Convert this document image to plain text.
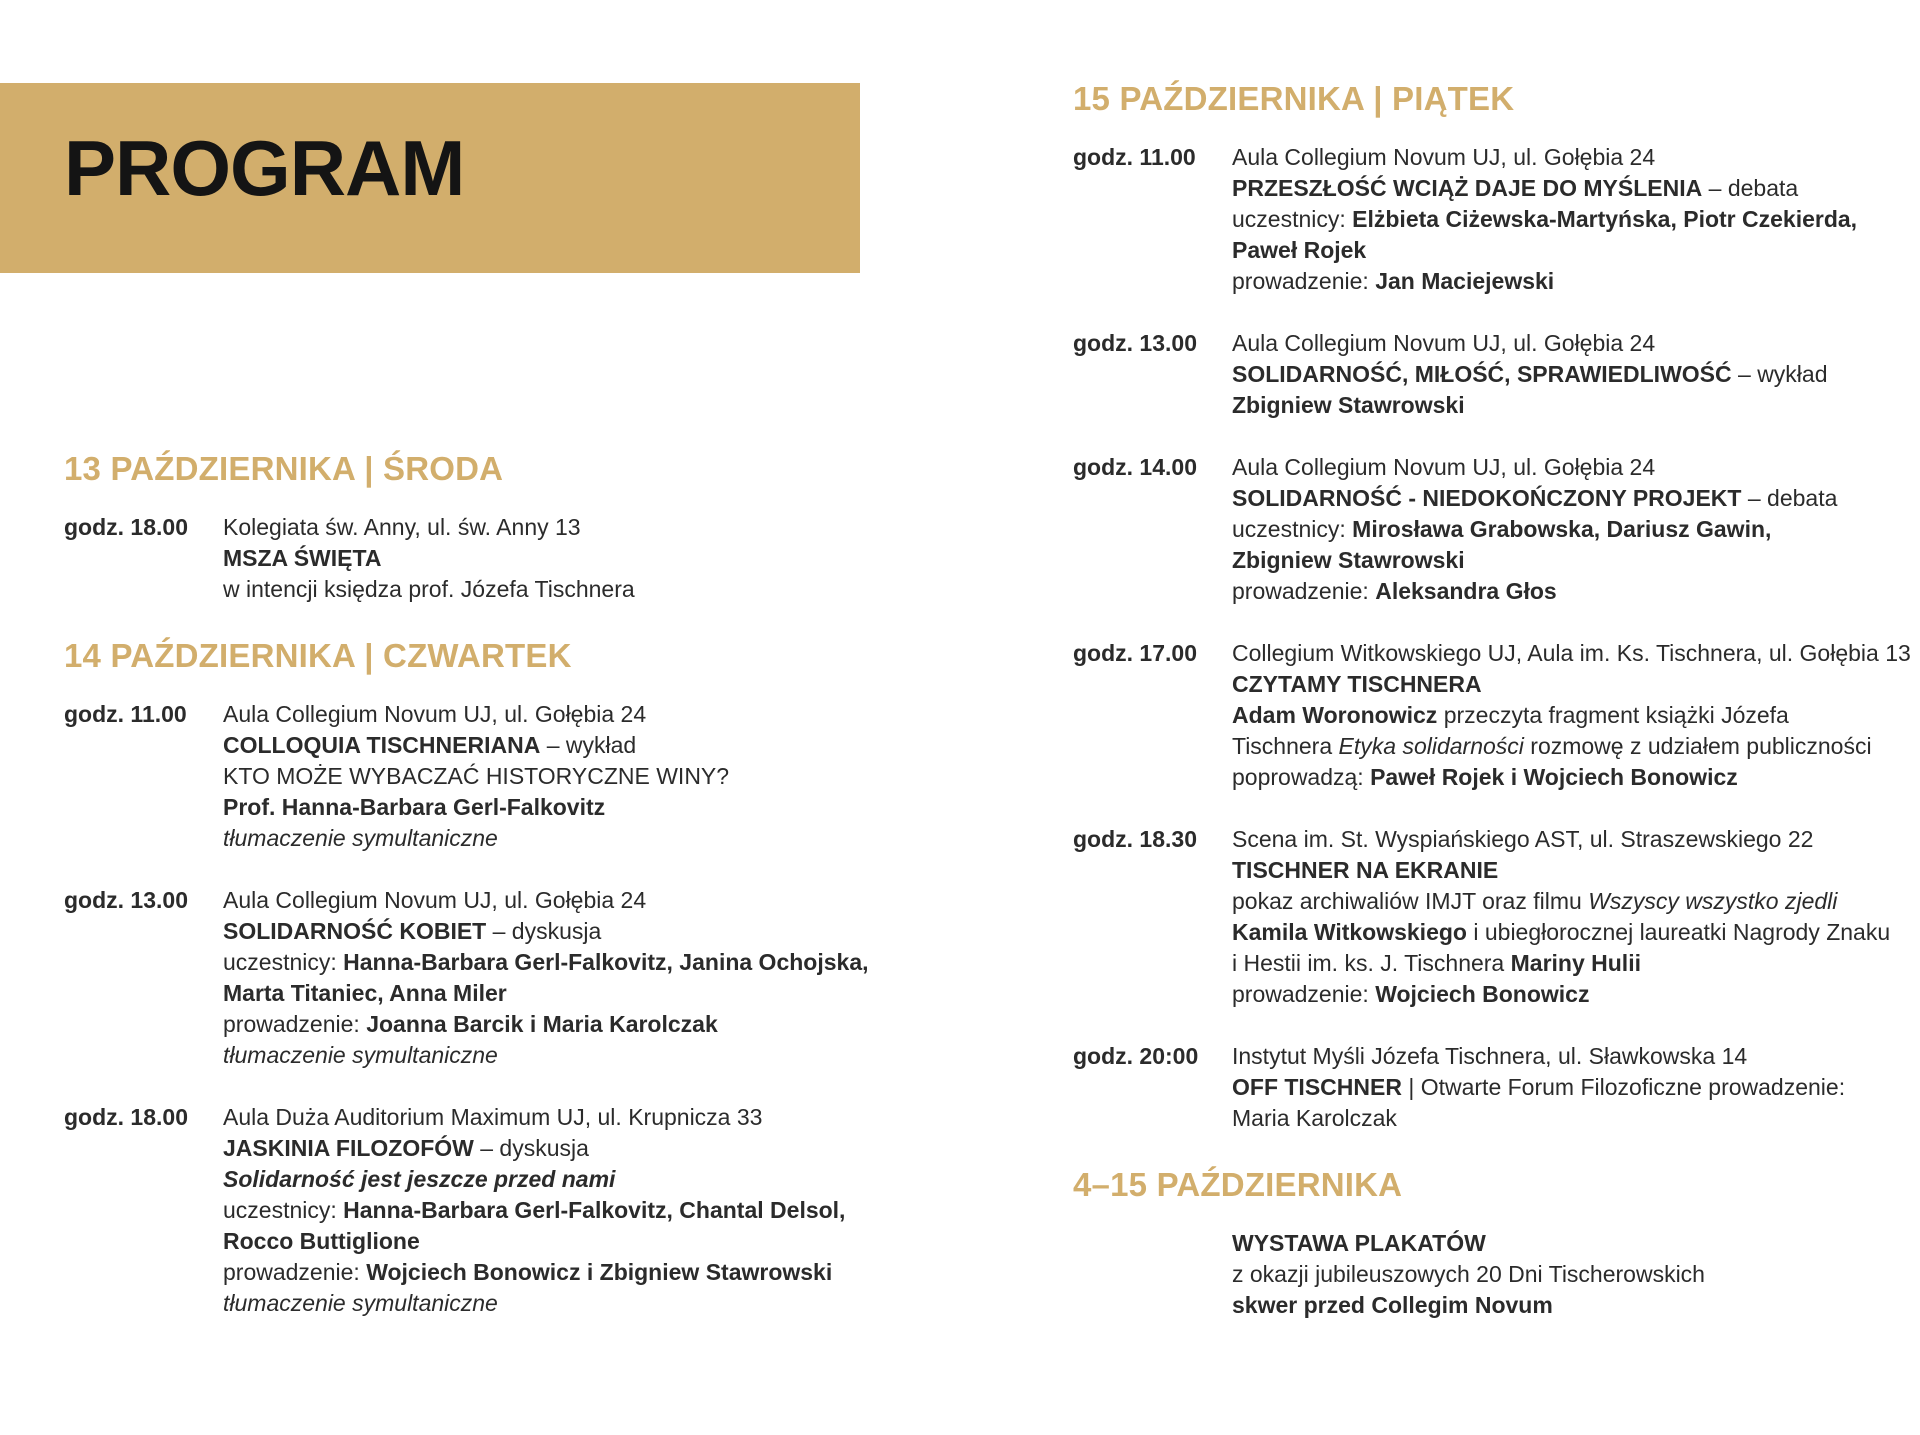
PROGRAM
13 PAŹDZIERNIKA | ŚRODA
godz. 18.00	Kolegiata św. Anny, ul. św. Anny 13
MSZA ŚWIĘTA
w intencji księdza prof. Józefa Tischnera
14 PAŹDZIERNIKA | CZWARTEK
godz. 11.00	Aula Collegium Novum UJ, ul. Gołębia 24
COLLOQUIA TISCHNERIANA – wykład
KTO MOŻE WYBACZAĆ HISTORYCZNE WINY?
Prof. Hanna-Barbara Gerl-Falkovitz
tłumaczenie symultaniczne
godz. 13.00	Aula Collegium Novum UJ, ul. Gołębia 24
SOLIDARNOŚĆ KOBIET – dyskusja
uczestnicy: Hanna-Barbara Gerl-Falkovitz, Janina Ochojska,
Marta Titaniec, Anna Miler
prowadzenie: Joanna Barcik i Maria Karolczak
tłumaczenie symultaniczne
godz. 18.00	Aula Duża Auditorium Maximum UJ, ul. Krupnicza 33
JASKINIA FILOZOFÓW – dyskusja
Solidarność jest jeszcze przed nami
uczestnicy: Hanna-Barbara Gerl-Falkovitz, Chantal Delsol,
Rocco Buttiglione
prowadzenie: Wojciech Bonowicz i Zbigniew Stawrowski
tłumaczenie symultaniczne
15 PAŹDZIERNIKA | PIĄTEK
godz. 11.00	Aula Collegium Novum UJ, ul. Gołębia 24
PRZESZŁOŚĆ WCIĄŻ DAJE DO MYŚLENIA – debata
uczestnicy: Elżbieta Ciżewska-Martyńska, Piotr Czekierda,
Paweł Rojek
prowadzenie: Jan Maciejewski
godz. 13.00	Aula Collegium Novum UJ, ul. Gołębia 24
SOLIDARNOŚĆ, MIŁOŚĆ, SPRAWIEDLIWOŚĆ – wykład
Zbigniew Stawrowski
godz. 14.00	Aula Collegium Novum UJ, ul. Gołębia 24
SOLIDARNOŚĆ - NIEDOKOŃCZONY PROJEKT – debata
uczestnicy: Mirosława Grabowska, Dariusz Gawin,
Zbigniew Stawrowski
prowadzenie: Aleksandra Głos
godz. 17.00	Collegium Witkowskiego UJ, Aula im. Ks. Tischnera, ul. Gołębia 13
CZYTAMY TISCHNERA
Adam Woronowicz przeczyta fragment książki Józefa
Tischnera Etyka solidarności rozmowę z udziałem publiczności
poprowadzą: Paweł Rojek i Wojciech Bonowicz
godz. 18.30	Scena im. St. Wyspiańskiego AST, ul. Straszewskiego 22
TISCHNER NA EKRANIE
pokaz archiwaliów IMJT oraz filmu Wszyscy wszystko zjedli
Kamila Witkowskiego i ubiegłorocznej laureatki Nagrody Znaku
i Hestii im. ks. J. Tischnera Mariny Hulii
prowadzenie: Wojciech Bonowicz
godz. 20:00	Instytut Myśli Józefa Tischnera, ul. Sławkowska 14
OFF TISCHNER | Otwarte Forum Filozoficzne prowadzenie:
Maria Karolczak
4–15 PAŹDZIERNIKA
WYSTAWA PLAKATÓW
z okazji jubileuszowych 20 Dni Tischerowskich
skwer przed Collegim Novum
